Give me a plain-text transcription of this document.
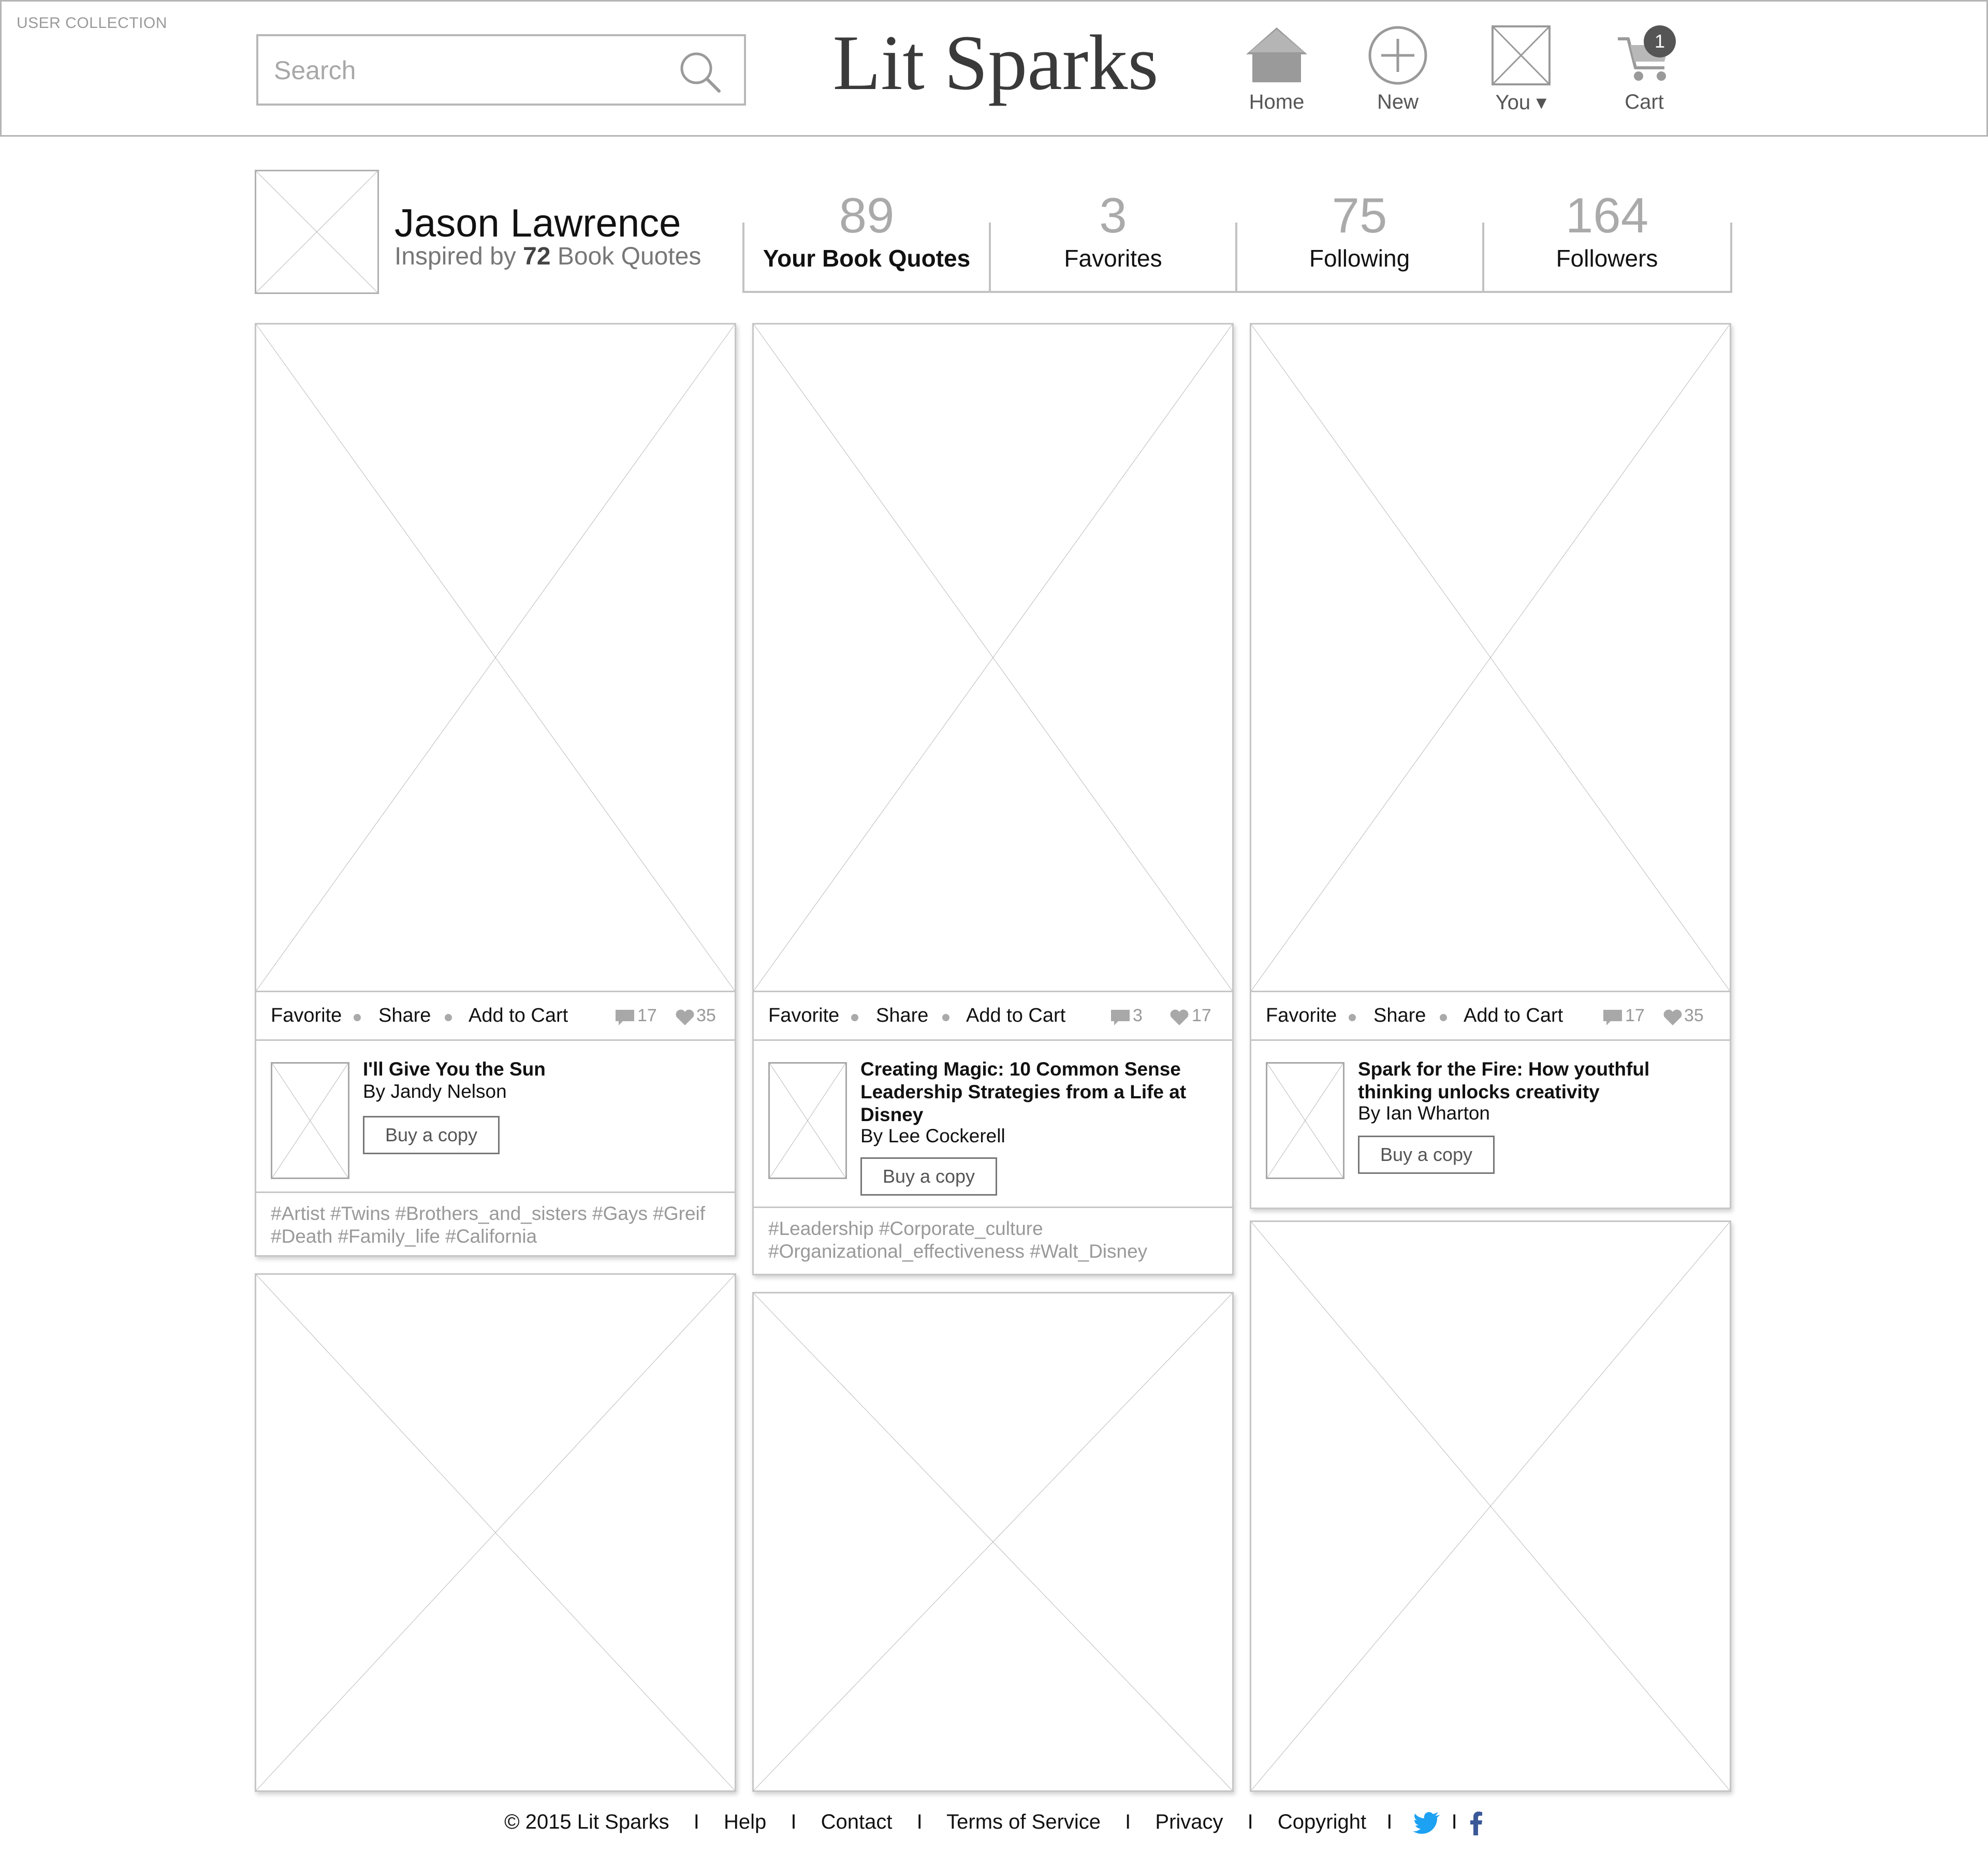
USER COLLECTION
Search	Lit Sparks	Home	New	You ▾	Cart
1
Jason Lawrence
Inspired by 72 Book Quotes
89
Your Book Quotes
3
Favorites
75
Following
164
Followers
Favorite Share Add to Cart	17 35
I'll Give You the Sun
By Jandy Nelson
Buy a copy
#Artist #Twins #Brothers_and_sisters #Gays #Greif #Death #Family_life #California
Favorite Share Add to Cart	3	17
Creating Magic: 10 Common Sense Leadership Strategies from a Life at Disney
By Lee Cockerell
Buy a copy
#Leadership #Corporate_culture #Organizational_effectiveness #Walt_Disney
Favorite Share Add to Cart	17 35
Spark for the Fire: How youthful thinking unlocks creativity
By Ian Wharton
Buy a copy
© 2015 Lit Sparks I Help I Contact I Terms of Service I Privacy I Copyright I	I
